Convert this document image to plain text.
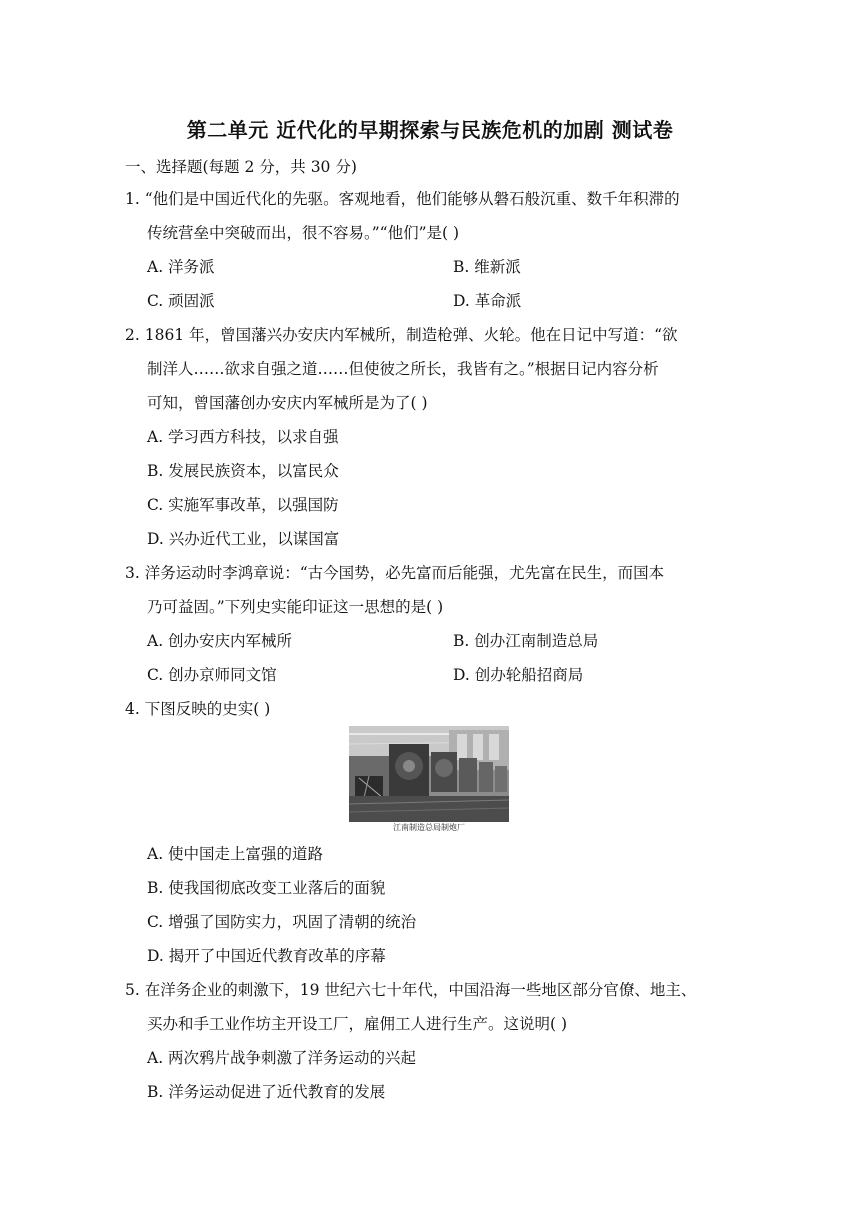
第二单元 近代化的早期探索与民族危机的加剧 测试卷
一、选择题(每题 2 分，共 30 分)
1. “他们是中国近代化的先驱。客观地看，他们能够从磐石般沉重、数千年积滞的
传统营垒中突破而出，很不容易。”“他们”是( )
A. 洋务派	B. 维新派
C. 顽固派	D. 革命派
2. 1861 年，曾国藩兴办安庆内军械所，制造枪弹、火轮。他在日记中写道：“欲
制洋人……欲求自强之道……但使彼之所长，我皆有之。”根据日记内容分析
可知，曾国藩创办安庆内军械所是为了( )
A. 学习西方科技，以求自强
B. 发展民族资本，以富民众
C. 实施军事改革，以强国防
D. 兴办近代工业，以谋国富
3. 洋务运动时李鸿章说：“古今国势，必先富而后能强，尤先富在民生，而国本
乃可益固。”下列史实能印证这一思想的是( )
A. 创办安庆内军械所	B. 创办江南制造总局
C. 创办京师同文馆	D. 创办轮船招商局
4. 下图反映的史实( )
江南制造总局制炮厂
A. 使中国走上富强的道路
B. 使我国彻底改变工业落后的面貌
C. 增强了国防实力，巩固了清朝的统治
D. 揭开了中国近代教育改革的序幕
5. 在洋务企业的刺激下，19 世纪六七十年代，中国沿海一些地区部分官僚、地主、
买办和手工业作坊主开设工厂，雇佣工人进行生产。这说明( )
A. 两次鸦片战争刺激了洋务运动的兴起
B. 洋务运动促进了近代教育的发展
